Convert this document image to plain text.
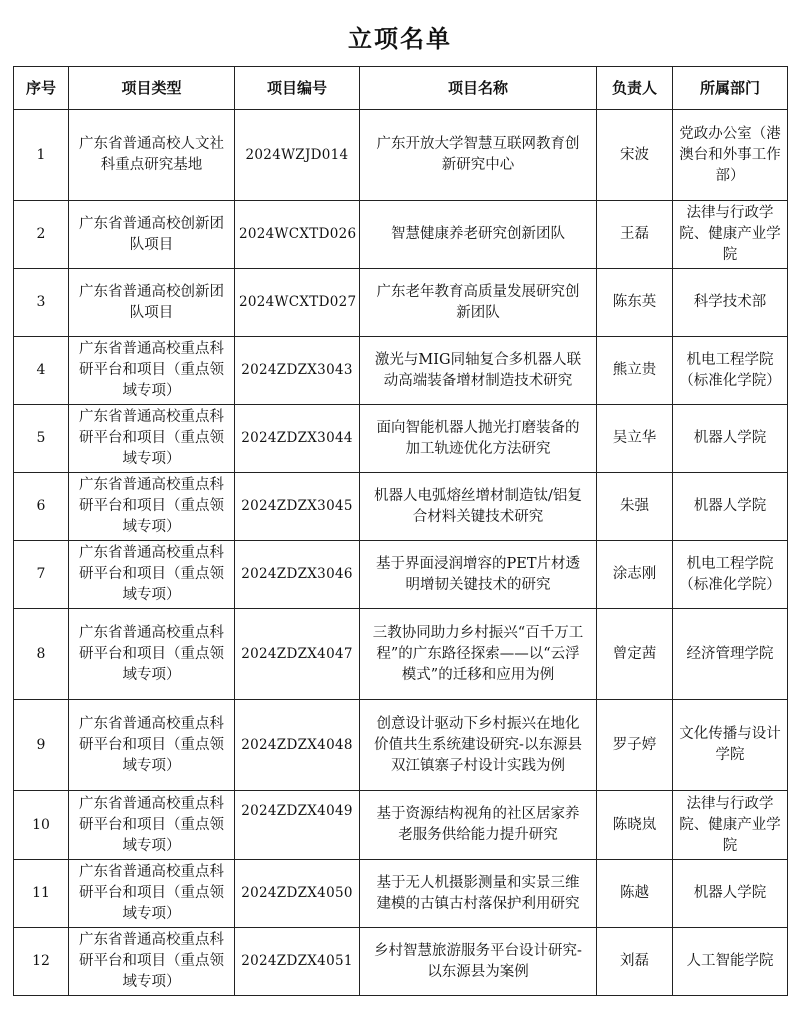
立项名单
序号	项目类型	项目编号	项目名称	负责人	所属部门
1	广东省普通高校人文社科重点研究基地	2024WZJD014	广东开放大学智慧互联网教育创新研究中心	宋波	党政办公室（港澳台和外事工作部）
2	广东省普通高校创新团队项目	2024WCXTD026	智慧健康养老研究创新团队	王磊	法律与行政学院、健康产业学院
3	广东省普通高校创新团队项目	2024WCXTD027	广东老年教育高质量发展研究创新团队	陈东英	科学技术部
4	广东省普通高校重点科研平台和项目（重点领域专项）	2024ZDZX3043	激光与MIG同轴复合多机器人联动高端装备增材制造技术研究	熊立贵	机电工程学院（标准化学院）
5	广东省普通高校重点科研平台和项目（重点领域专项）	2024ZDZX3044	面向智能机器人抛光打磨装备的加工轨迹优化方法研究	吴立华	机器人学院
6	广东省普通高校重点科研平台和项目（重点领域专项）	2024ZDZX3045	机器人电弧熔丝增材制造钛/铝复合材料关键技术研究	朱强	机器人学院
7	广东省普通高校重点科研平台和项目（重点领域专项）	2024ZDZX3046	基于界面浸润增容的PET片材透明增韧关键技术的研究	涂志刚	机电工程学院（标准化学院）
8	广东省普通高校重点科研平台和项目（重点领域专项）	2024ZDZX4047	三教协同助力乡村振兴“百千万工程”的广东路径探索——以“云浮模式”的迁移和应用为例	曾定茜	经济管理学院
9	广东省普通高校重点科研平台和项目（重点领域专项）	2024ZDZX4048	创意设计驱动下乡村振兴在地化价值共生系统建设研究-以东源县双江镇寨子村设计实践为例	罗子婷	文化传播与设计学院
10	广东省普通高校重点科研平台和项目（重点领域专项）	2024ZDZX4049	基于资源结构视角的社区居家养老服务供给能力提升研究	陈晓岚	法律与行政学院、健康产业学院
11	广东省普通高校重点科研平台和项目（重点领域专项）	2024ZDZX4050	基于无人机摄影测量和实景三维建模的古镇古村落保护利用研究	陈越	机器人学院
12	广东省普通高校重点科研平台和项目（重点领域专项）	2024ZDZX4051	乡村智慧旅游服务平台设计研究-以东源县为案例	刘磊	人工智能学院
